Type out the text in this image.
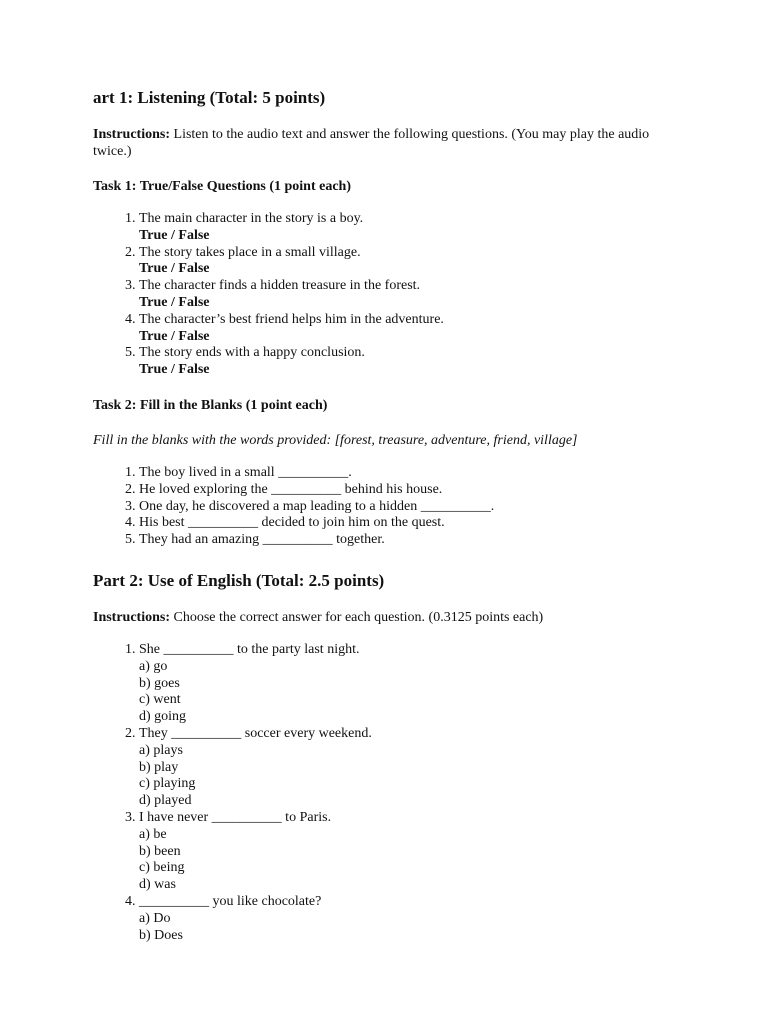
art 1: Listening (Total: 5 points)

Instructions: Listen to the audio text and answer the following questions. (You may play the audio twice.)

Task 1: True/False Questions (1 point each)

1. The main character in the story is a boy.
True / False
2. The story takes place in a small village.
True / False
3. The character finds a hidden treasure in the forest.
True / False
4. The character’s best friend helps him in the adventure.
True / False
5. The story ends with a happy conclusion.
True / False

Task 2: Fill in the Blanks (1 point each)

Fill in the blanks with the words provided: [forest, treasure, adventure, friend, village]

1. The boy lived in a small __________.
2. He loved exploring the __________ behind his house.
3. One day, he discovered a map leading to a hidden __________.
4. His best __________ decided to join him on the quest.
5. They had an amazing __________ together.
Part 2: Use of English (Total: 2.5 points)

Instructions: Choose the correct answer for each question. (0.3125 points each)

1. She __________ to the party last night.
a) go
b) goes
c) went
d) going
2. They __________ soccer every weekend.
a) plays
b) play
c) playing
d) played
3. I have never __________ to Paris.
a) be
b) been
c) being
d) was
4. __________ you like chocolate?
a) Do
b) Does
